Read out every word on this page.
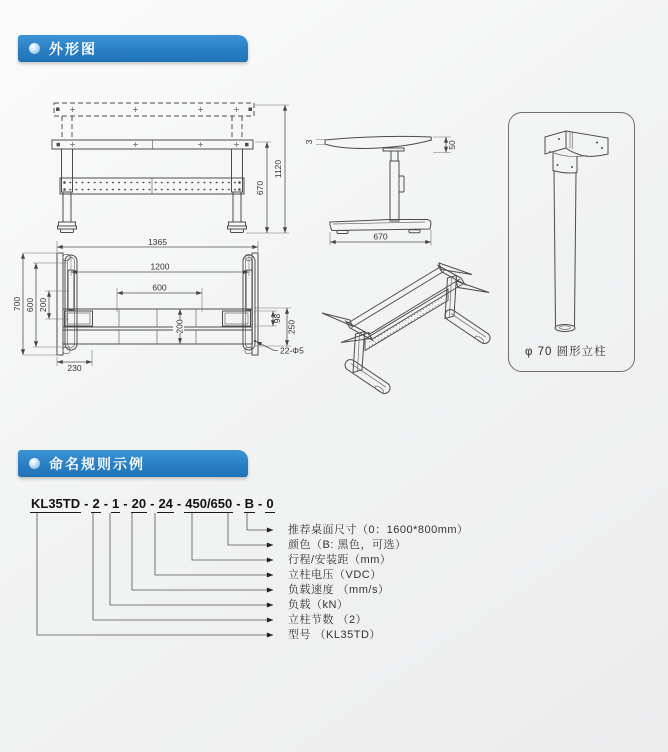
外形图
670
1120
3	50
670
φ 70 圆形立柱
1365
1200
600
700 600 200
200
98
250
230
22-Φ5
命名规则示例
KL35TD - 2 - 1 - 20 - 24 - 450/650 - B - 0
推荐桌面尺寸（0：1600*800mm）
颜色（B: 黑色，可选）
行程/安装距（mm）
立柱电压（VDC）
负载速度 （mm/s）
负载（kN）
立柱节数 （2）
型号 （KL35TD）
